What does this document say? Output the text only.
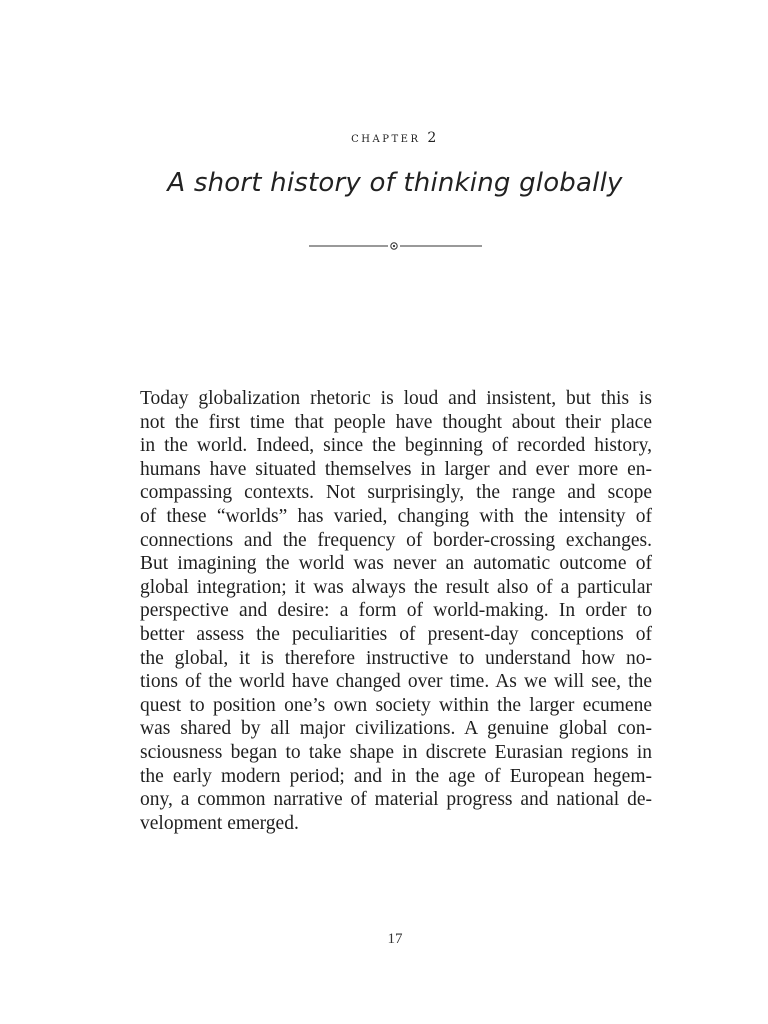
chapter 2
A short history of thinking globally
Today globalization rhetoric is loud and insistent, but this is
not the first time that people have thought about their place
in the world. Indeed, since the beginning of recorded history,
humans have situated themselves in larger and ever more en-
compassing contexts. Not surprisingly, the range and scope
of these “worlds” has varied, changing with the intensity of
connections and the frequency of border-crossing exchanges.
But imagining the world was never an automatic outcome of
global integration; it was always the result also of a particular
perspective and desire: a form of world-making. In order to
better assess the peculiarities of present-day conceptions of
the global, it is therefore instructive to understand how no-
tions of the world have changed over time. As we will see, the
quest to position one’s own society within the larger ecumene
was shared by all major civilizations. A genuine global con-
sciousness began to take shape in discrete Eurasian regions in
the early modern period; and in the age of European hegem-
ony, a common narrative of material progress and national de-
velopment emerged.
17
